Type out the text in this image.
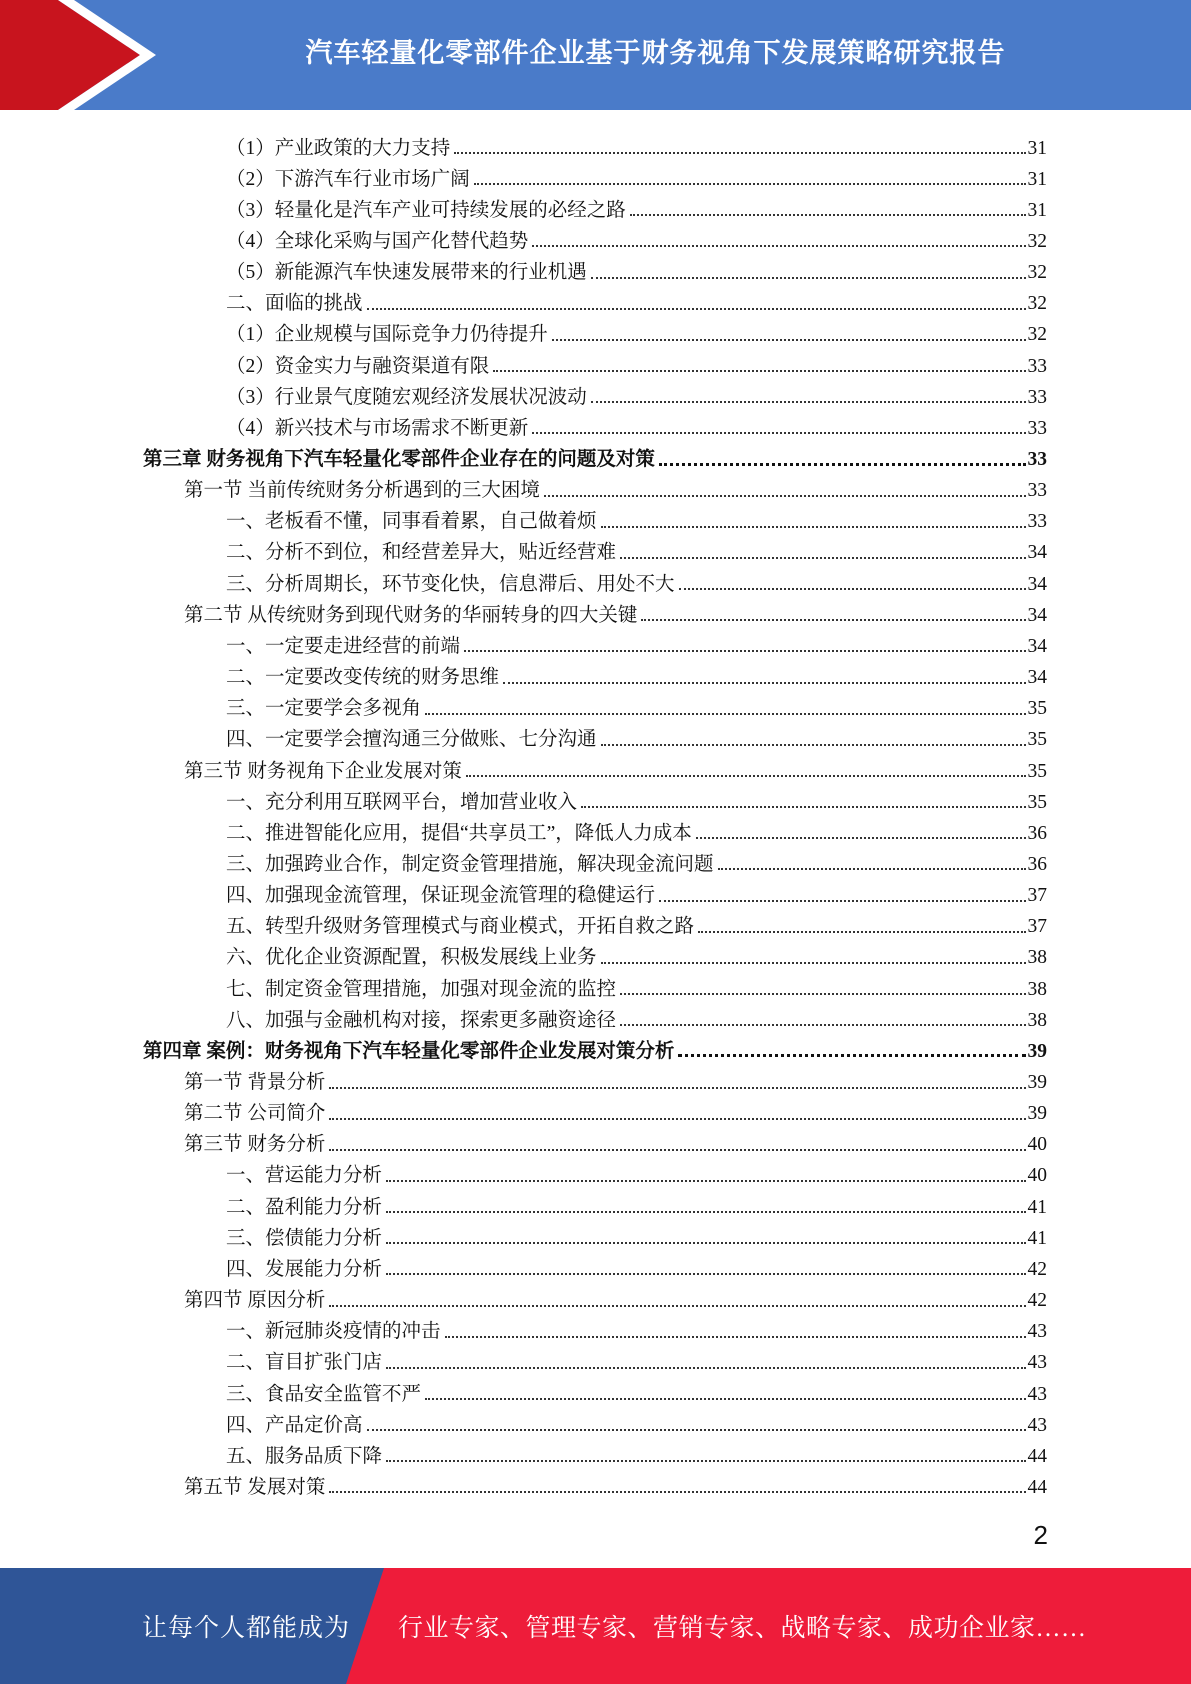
汽车轻量化零部件企业基于财务视角下发展策略研究报告
（1）产业政策的大力支持	31
（2）下游汽车行业市场广阔	31
（3）轻量化是汽车产业可持续发展的必经之路	31
（4）全球化采购与国产化替代趋势	32
（5）新能源汽车快速发展带来的行业机遇	32
二、面临的挑战	32
（1）企业规模与国际竞争力仍待提升	32
（2）资金实力与融资渠道有限	33
（3）行业景气度随宏观经济发展状况波动	33
（4）新兴技术与市场需求不断更新	33
第三章 财务视角下汽车轻量化零部件企业存在的问题及对策	33
第一节 当前传统财务分析遇到的三大困境	33
一、老板看不懂，同事看着累，自己做着烦	33
二、分析不到位，和经营差异大，贴近经营难	34
三、分析周期长，环节变化快，信息滞后、用处不大	34
第二节 从传统财务到现代财务的华丽转身的四大关键	34
一、一定要走进经营的前端	34
二、一定要改变传统的财务思维	34
三、一定要学会多视角	35
四、一定要学会擅沟通三分做账、七分沟通	35
第三节 财务视角下企业发展对策	35
一、充分利用互联网平台，增加营业收入	35
二、推进智能化应用，提倡“共享员工”，降低人力成本	36
三、加强跨业合作，制定资金管理措施，解决现金流问题	36
四、加强现金流管理，保证现金流管理的稳健运行	37
五、转型升级财务管理模式与商业模式，开拓自救之路	37
六、优化企业资源配置，积极发展线上业务	38
七、制定资金管理措施，加强对现金流的监控	38
八、加强与金融机构对接，探索更多融资途径	38
第四章 案例：财务视角下汽车轻量化零部件企业发展对策分析	39
第一节 背景分析	39
第二节 公司简介	39
第三节 财务分析	40
一、营运能力分析	40
二、盈利能力分析	41
三、偿债能力分析	41
四、发展能力分析	42
第四节 原因分析	42
一、新冠肺炎疫情的冲击	43
二、盲目扩张门店	43
三、食品安全监管不严	43
四、产品定价高	43
五、服务品质下降	44
第五节 发展对策	44
2
让每个人都能成为 行业专家、管理专家、营销专家、战略专家、成功企业家……
